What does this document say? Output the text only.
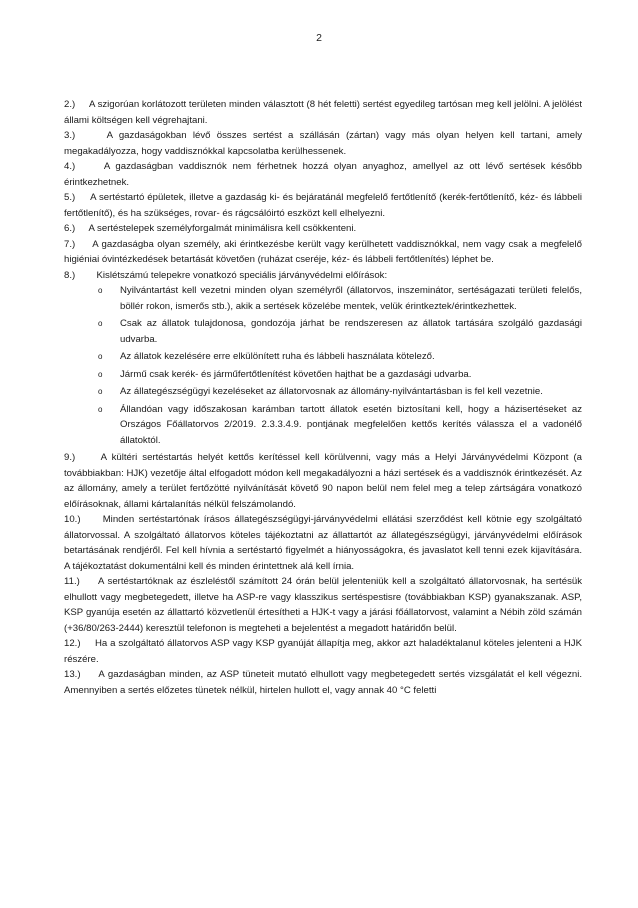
2

2.)     A szigorúan korlátozott területen minden választott (8 hét feletti) sertést egyedileg tartósan meg kell jelölni. A jelölést állami költségen kell végrehajtani.

3.)     A gazdaságokban lévő összes sertést a szállásán (zártan) vagy más olyan helyen kell tartani, amely megakadályozza, hogy vaddisznókkal kapcsolatba kerülhessenek.

4.)     A gazdaságban vaddisznók nem férhetnek hozzá olyan anyaghoz, amellyel az ott lévő sertések később érintkezhetnek.

5.)     A sertéstartó épületek, illetve a gazdaság ki- és bejáratánál megfelelő fertőtlenítő (kerék-fertőtlenítő, kéz- és lábbeli fertőtlenítő), és ha szükséges, rovar- és rágcsálóirtó eszközt kell elhelyezni.

6.)     A sertéstelepek személyforgalmát minimálisra kell csökkenteni.

7.)     A gazdaságba olyan személy, aki érintkezésbe került vagy kerülhetett vaddisznókkal, nem vagy csak a megfelelő higiéniai óvintézkedések betartását követően (ruházat cseréje, kéz- és lábbeli fertőtlenítés) léphet be.

8.)        Kislétszámú telepekre vonatkozó speciális járványvédelmi előírások:

o Nyilvántartást kell vezetni minden olyan személyről (állatorvos, inszeminátor, sertéságazati területi felelős, böllér rokon, ismerős stb.), akik a sertések közelébe mentek, velük érintkeztek/érintkezhettek.
o Csak az állatok tulajdonosa, gondozója járhat be rendszeresen az állatok tartására szolgáló gazdasági udvarba.
o Az állatok kezelésére erre elkülönített ruha és lábbeli használata kötelező.
o Jármű csak kerék- és járműfertőtlenítést követően hajthat be a gazdasági udvarba.
o Az állategészségügyi kezeléseket az állatorvosnak az állomány-nyilvántartásban is fel kell vezetnie.
o Állandóan vagy időszakosan karámban tartott állatok esetén biztosítani kell, hogy a házisertéseket az Országos Főállatorvos 2/2019. 2.3.3.4.9. pontjának megfelelően kettős kerítés válassza el a vadonélő állatoktól.

9.)     A kültéri sertéstartás helyét kettős kerítéssel kell körülvenni, vagy más a Helyi Járványvédelmi Központ (a továbbiakban: HJK) vezetője által elfogadott módon kell megakadályozni a házi sertések és a vaddisznók érintkezését. Az az állomány, amely a terület fertőzötté nyilvánítását követő 90 napon belül nem felel meg a telep zártságára vonatkozó előírásoknak, állami kártalanítás nélkül felszámolandó.

10.)     Minden sertéstartónak írásos állategészségügyi-járványvédelmi ellátási szerződést kell kötnie egy szolgáltató állatorvossal. A szolgáltató állatorvos köteles tájékoztatni az állattartót az állategészségügyi, járványvédelmi előírások betartásának rendjéről. Fel kell hívnia a sertéstartó figyelmét a hiányosságokra, és javaslatot kell tenni ezek kijavítására. A tájékoztatást dokumentálni kell és minden érintettnek alá kell írnia.

11.)     A sertéstartóknak az észleléstől számított 24 órán belül jelenteniük kell a szolgáltató állatorvosnak, ha sertésük elhullott vagy megbetegedett, illetve ha ASP-re vagy klasszikus sertéspestisre (továbbiakban KSP) gyanakszanak. ASP, KSP gyanúja esetén az állattartó közvetlenül értesítheti a HJK-t vagy a járási főállatorvost, valamint a Nébih zöld számán (+36/80/263-2444) keresztül telefonon is megteheti a bejelentést a megadott határidőn belül.

12.)     Ha a szolgáltató állatorvos ASP vagy KSP gyanúját állapítja meg, akkor azt haladéktalanul köteles jelenteni a HJK részére.

13.)     A gazdaságban minden, az ASP tüneteit mutató elhullott vagy megbetegedett sertés vizsgálatát el kell végezni. Amennyiben a sertés előzetes tünetek nélkül, hirtelen hullott el, vagy annak 40 °C feletti
